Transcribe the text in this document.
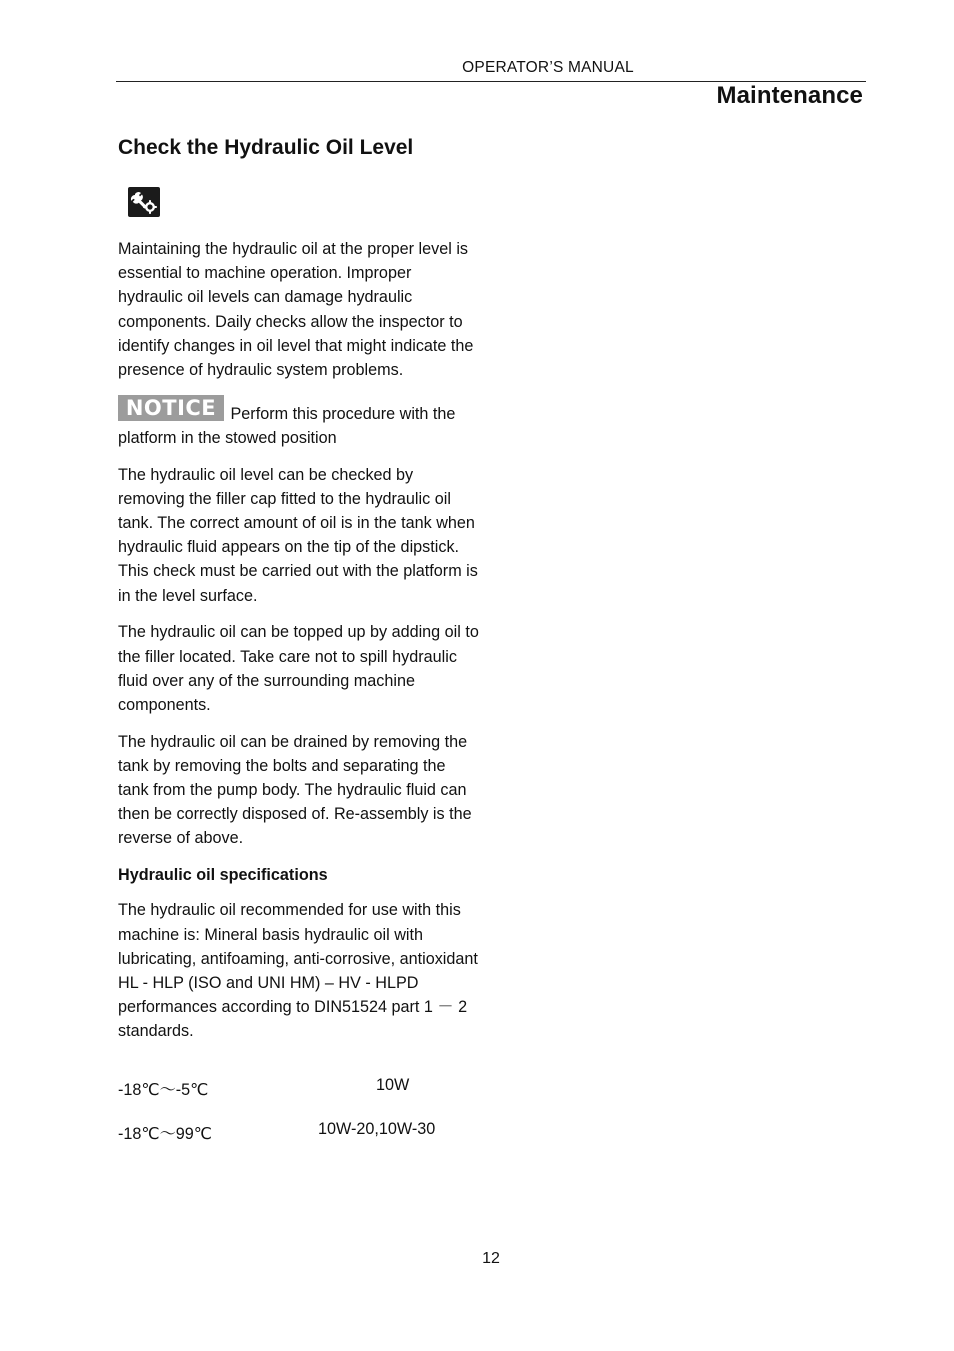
OPERATOR’S MANUAL
Maintenance
Check the Hydraulic Oil Level

Maintaining the hydraulic oil at the proper level is essential to machine operation. Improper hydraulic oil levels can damage hydraulic components. Daily checks allow the inspector to identify changes in oil level that might indicate the presence of hydraulic system problems.

NOTICE Perform this procedure with the platform in the stowed position

The hydraulic oil level can be checked by removing the filler cap fitted to the hydraulic oil tank. The correct amount of oil is in the tank when hydraulic fluid appears on the tip of the dipstick. This check must be carried out with the platform is in the level surface.

The hydraulic oil can be topped up by adding oil to the filler located. Take care not to spill hydraulic fluid over any of the surrounding machine components.

The hydraulic oil can be drained by removing the tank by removing the bolts and separating the tank from the pump body. The hydraulic fluid can then be correctly disposed of. Re-assembly is the reverse of above.

Hydraulic oil specifications

The hydraulic oil recommended for use with this machine is: Mineral basis hydraulic oil with lubricating, antifoaming, anti-corrosive, antioxidant HL - HLP (ISO and UNI HM) – HV - HLPD performances according to DIN51524 part 1 － 2 standards.

-18℃～-5℃	10W
-18℃～99℃	10W-20,10W-30
12
